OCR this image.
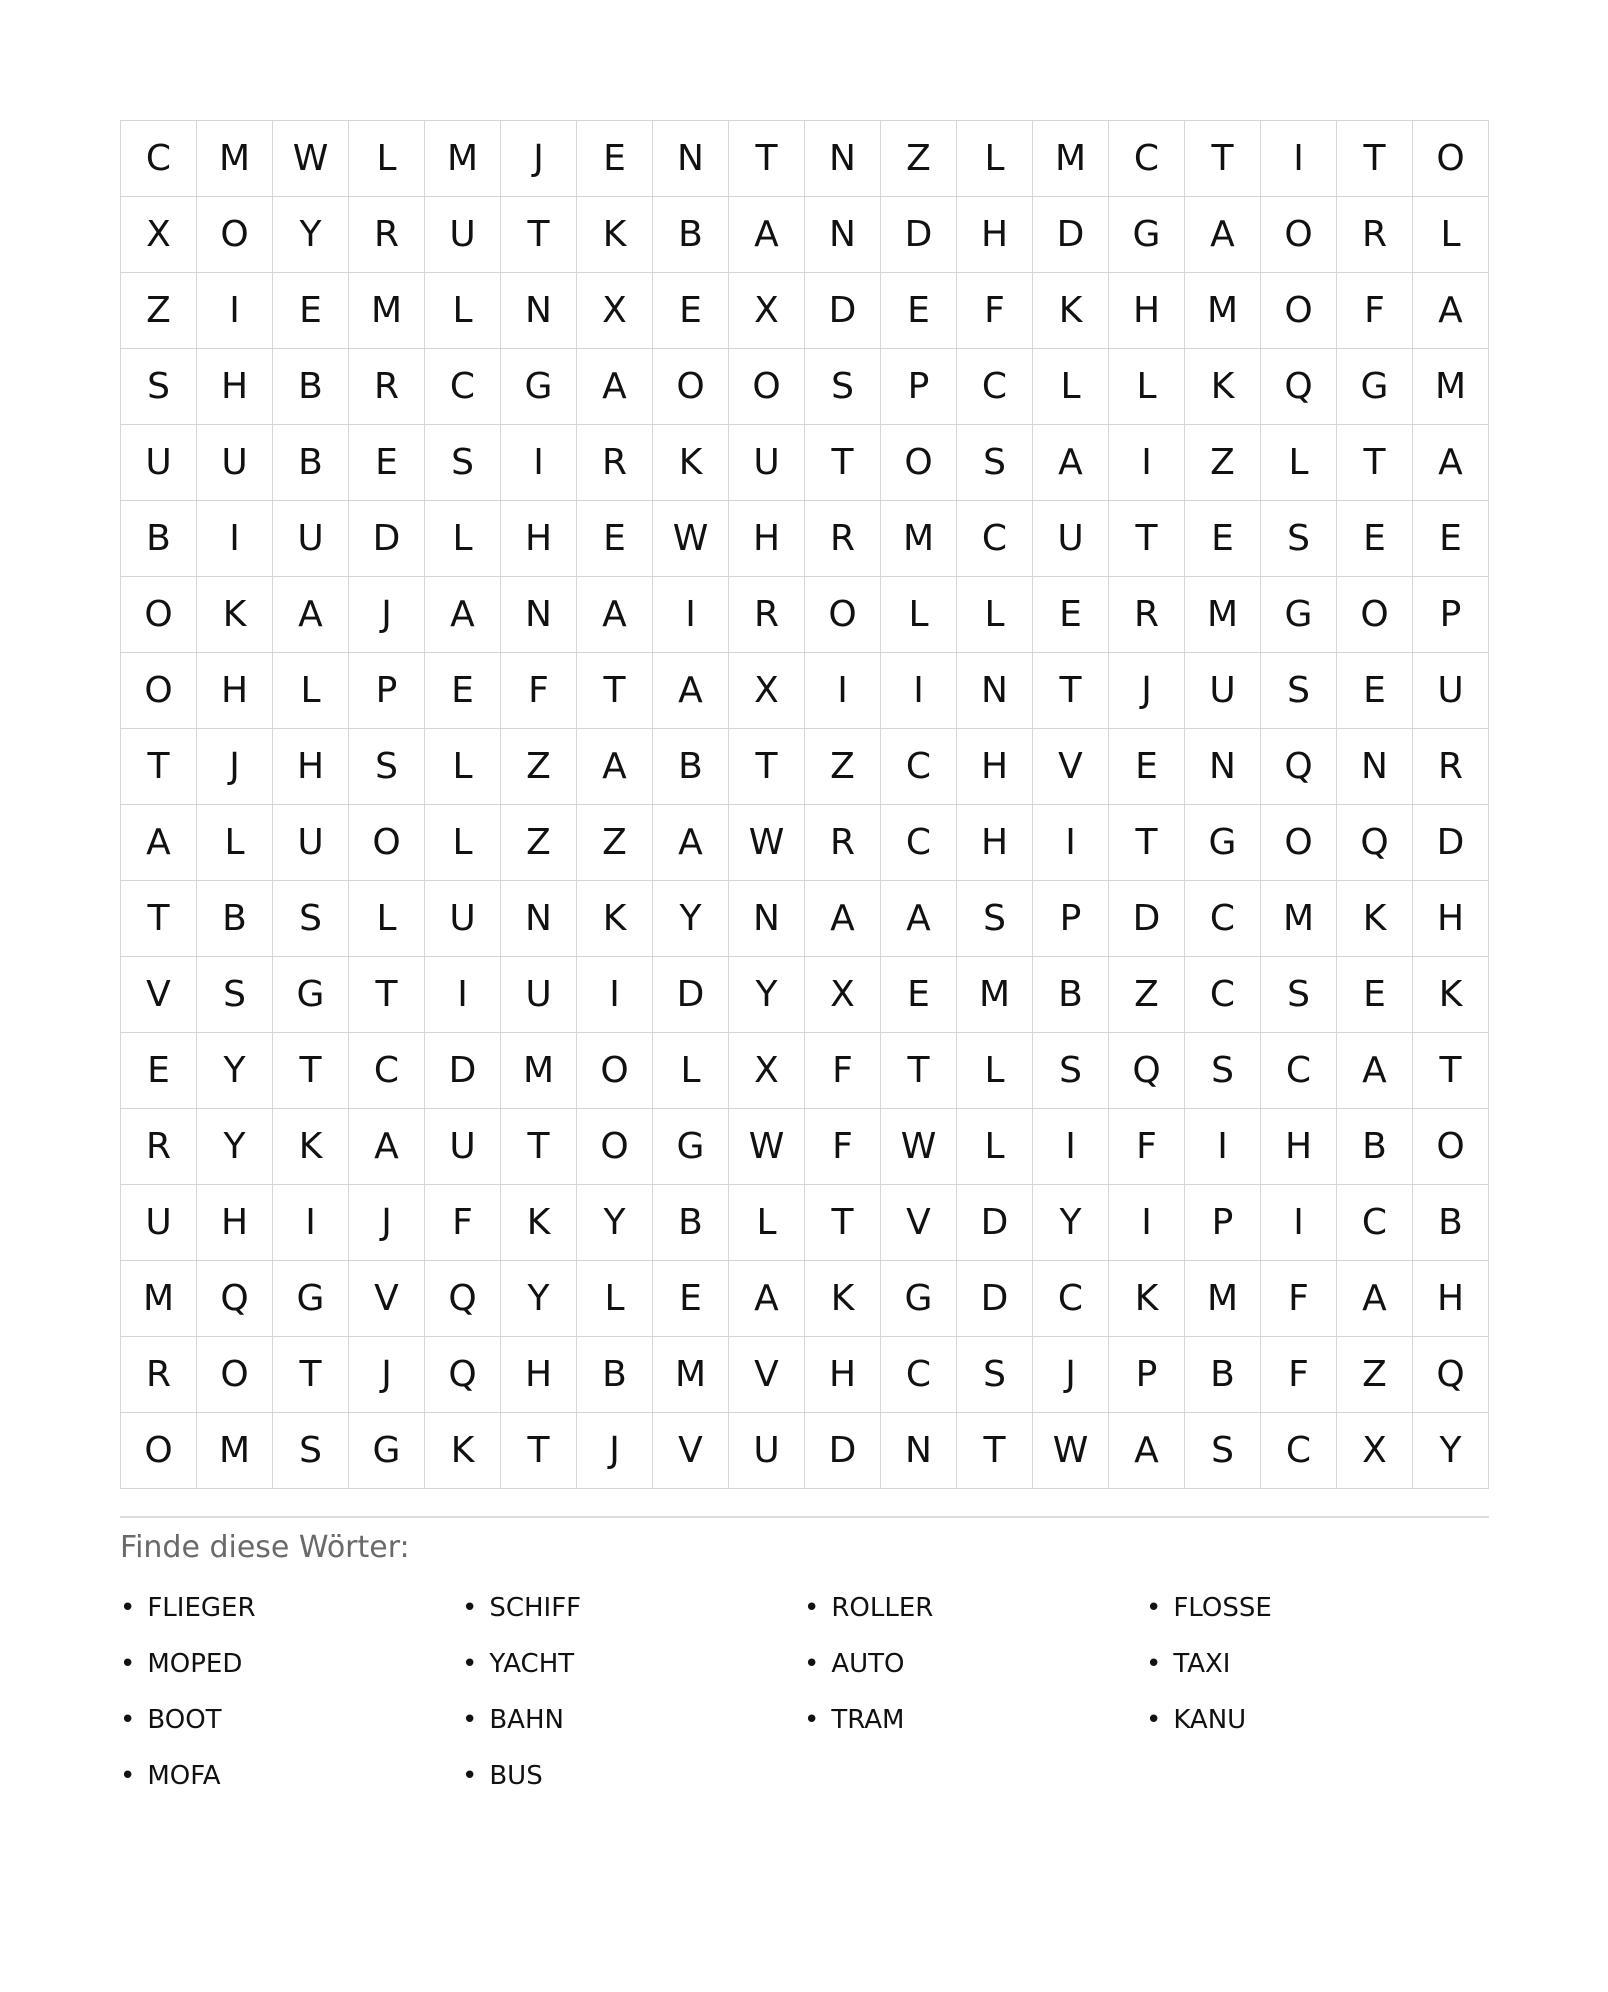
C	M	W	L	M	J	E	N	T	N	Z	L	M	C	T	I	T	O
X	O	Y	R	U	T	K	B	A	N	D	H	D	G	A	O	R	L
Z	I	E	M	L	N	X	E	X	D	E	F	K	H	M	O	F	A
S	H	B	R	C	G	A	O	O	S	P	C	L	L	K	Q	G	M
U	U	B	E	S	I	R	K	U	T	O	S	A	I	Z	L	T	A
B	I	U	D	L	H	E	W	H	R	M	C	U	T	E	S	E	E
O	K	A	J	A	N	A	I	R	O	L	L	E	R	M	G	O	P
O	H	L	P	E	F	T	A	X	I	I	N	T	J	U	S	E	U
T	J	H	S	L	Z	A	B	T	Z	C	H	V	E	N	Q	N	R
A	L	U	O	L	Z	Z	A	W	R	C	H	I	T	G	O	Q	D
T	B	S	L	U	N	K	Y	N	A	A	S	P	D	C	M	K	H
V	S	G	T	I	U	I	D	Y	X	E	M	B	Z	C	S	E	K
E	Y	T	C	D	M	O	L	X	F	T	L	S	Q	S	C	A	T
R	Y	K	A	U	T	O	G	W	F	W	L	I	F	I	H	B	O
U	H	I	J	F	K	Y	B	L	T	V	D	Y	I	P	I	C	B
M	Q	G	V	Q	Y	L	E	A	K	G	D	C	K	M	F	A	H
R	O	T	J	Q	H	B	M	V	H	C	S	J	P	B	F	Z	Q
O	M	S	G	K	T	J	V	U	D	N	T	W	A	S	C	X	Y
Finde diese Wörter:
• FLIEGER	• SCHIFF	• ROLLER	• FLOSSE
• MOPED	• YACHT	• AUTO	• TAXI
• BOOT	• BAHN	• TRAM	• KANU
• MOFA	• BUS
